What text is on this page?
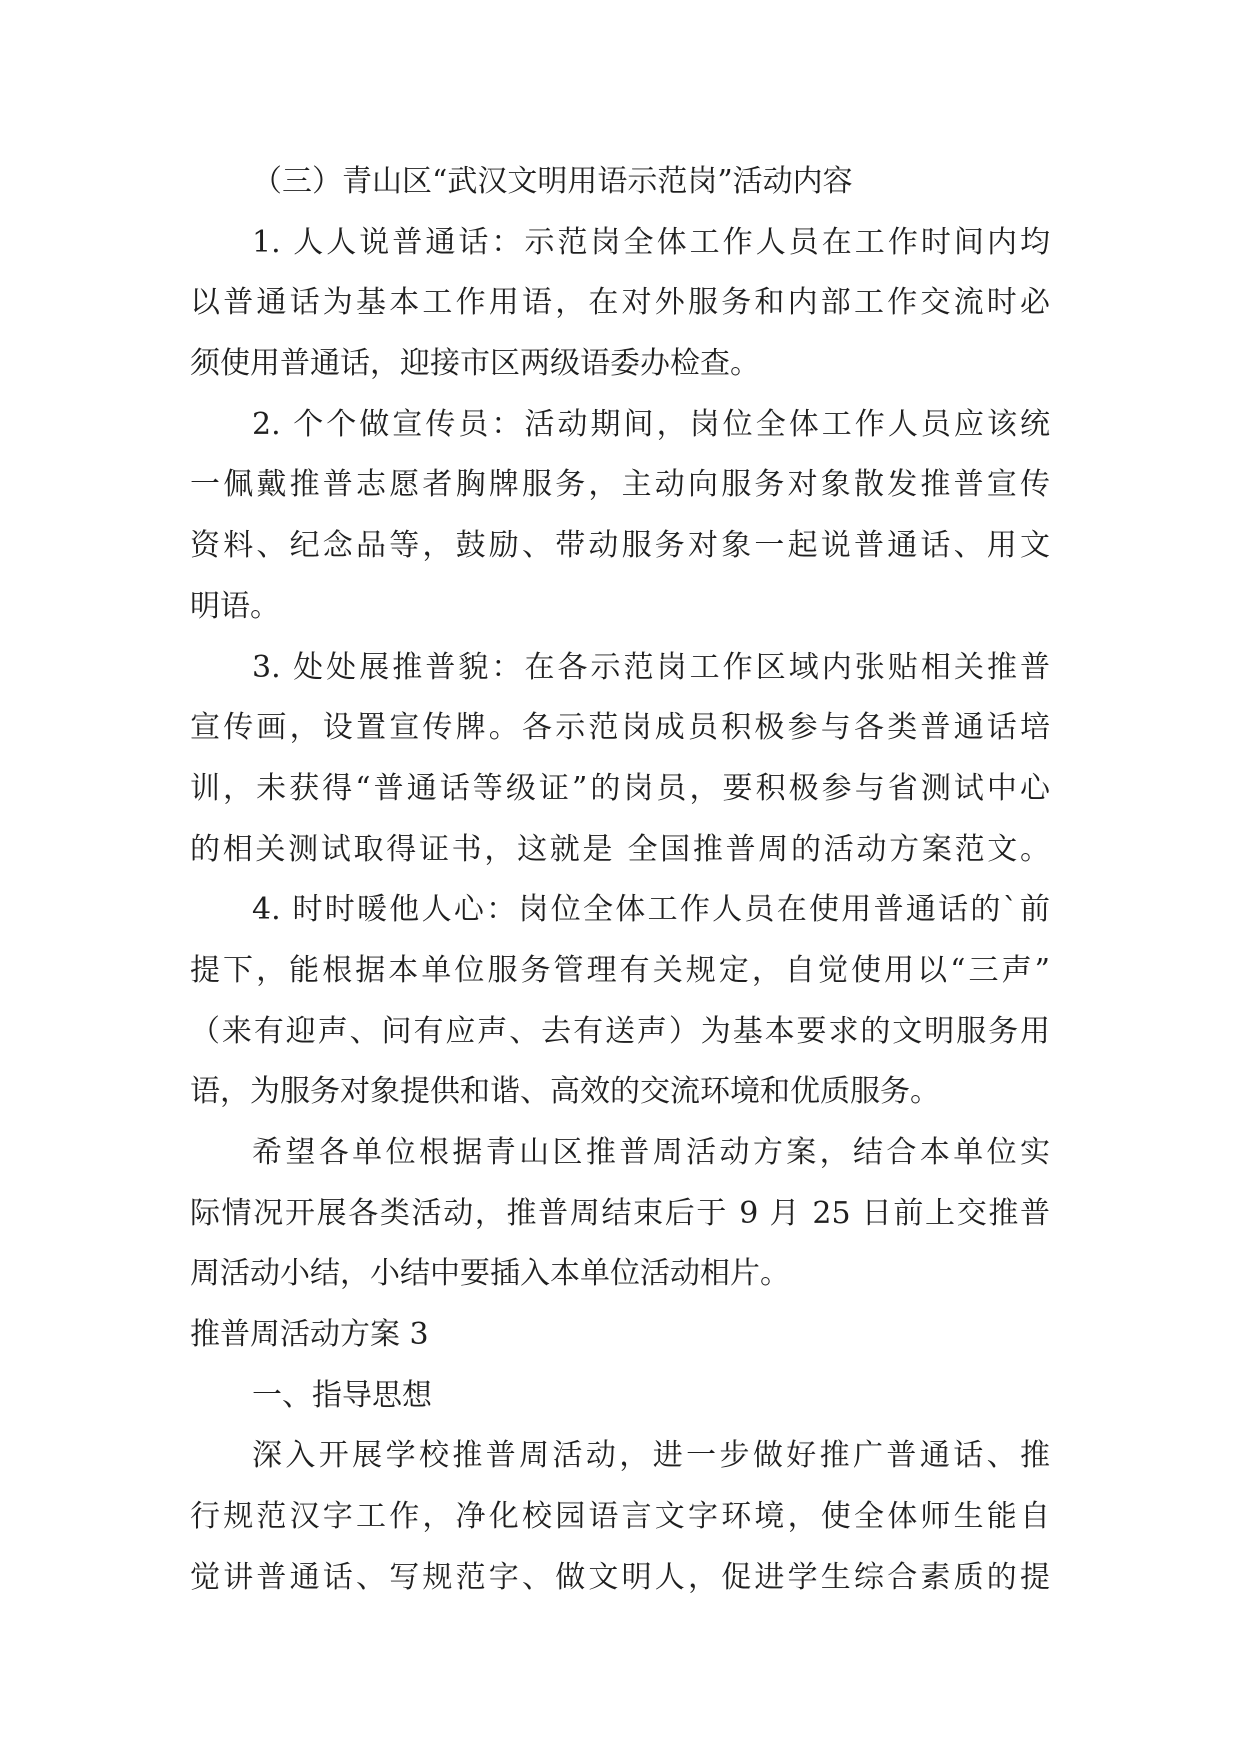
（三）青山区“武汉文明用语示范岗”活动内容
1. 人人说普通话：示范岗全体工作人员在工作时间内均
以普通话为基本工作用语，在对外服务和内部工作交流时必
须使用普通话，迎接市区两级语委办检查。
2. 个个做宣传员：活动期间，岗位全体工作人员应该统
一佩戴推普志愿者胸牌服务，主动向服务对象散发推普宣传
资料、纪念品等，鼓励、带动服务对象一起说普通话、用文
明语。
3. 处处展推普貌：在各示范岗工作区域内张贴相关推普
宣传画，设置宣传牌。各示范岗成员积极参与各类普通话培
训，未获得“普通话等级证”的岗员，要积极参与省测试中心
的相关测试取得证书，这就是 全国推普周的活动方案范文。
4. 时时暖他人心：岗位全体工作人员在使用普通话的`前
提下，能根据本单位服务管理有关规定，自觉使用以“三声”
（来有迎声、问有应声、去有送声）为基本要求的文明服务用
语，为服务对象提供和谐、高效的交流环境和优质服务。
希望各单位根据青山区推普周活动方案，结合本单位实
际情况开展各类活动，推普周结束后于 9 月 25 日前上交推普
周活动小结，小结中要插入本单位活动相片。
推普周活动方案 3
一、指导思想
深入开展学校推普周活动，进一步做好推广普通话、推
行规范汉字工作，净化校园语言文字环境，使全体师生能自
觉讲普通话、写规范字、做文明人，促进学生综合素质的提
